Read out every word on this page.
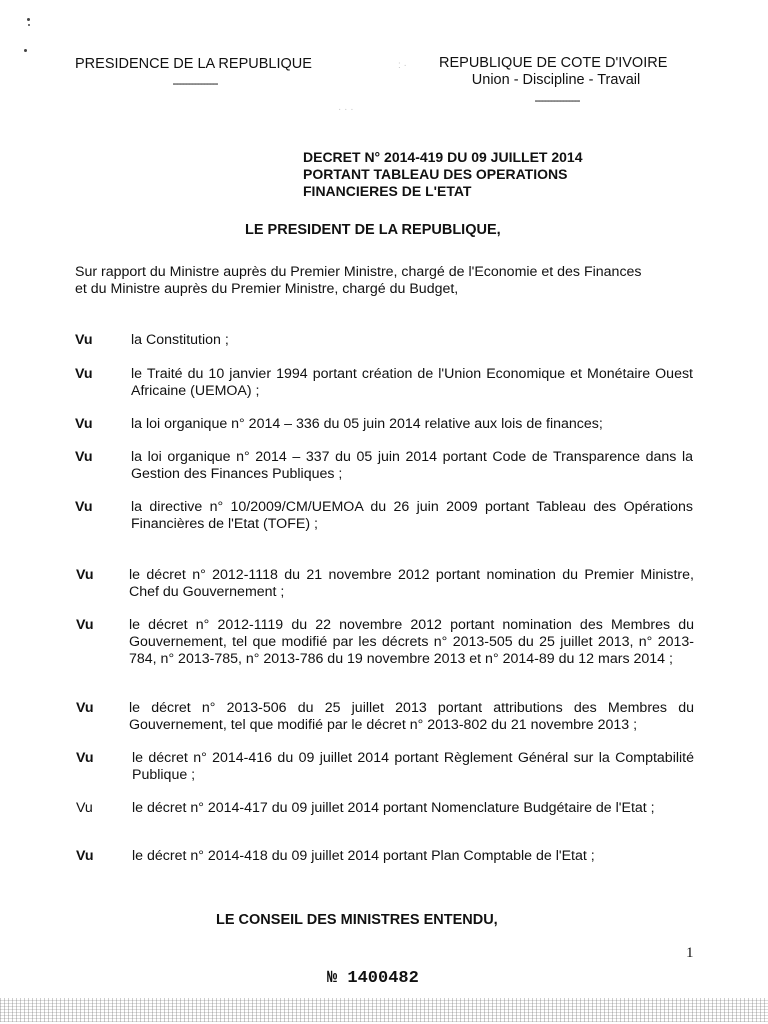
PRESIDENCE DE LA REPUBLIQUE
---------------
: ·
· · ·
REPUBLIQUE DE COTE D'IVOIRE
Union - Discipline - Travail
---------------
DECRET N° 2014-419 DU 09 JUILLET 2014
PORTANT TABLEAU DES OPERATIONS
FINANCIERES DE L'ETAT
LE PRESIDENT DE LA REPUBLIQUE,
Sur rapport du Ministre auprès du Premier Ministre, chargé de l'Economie et des Finances
et du Ministre auprès du Premier Ministre, chargé du Budget,
Vu	la Constitution ;
Vu	le Traité du 10 janvier 1994 portant création de l'Union Economique et Monétaire Ouest Africaine (UEMOA) ;
Vu	la loi organique n° 2014 – 336 du 05 juin 2014 relative aux lois de finances;
Vu	la loi organique n° 2014 – 337 du 05 juin 2014 portant Code de Transparence dans la Gestion des Finances Publiques ;
Vu	la directive n° 10/2009/CM/UEMOA du 26 juin 2009 portant Tableau des Opérations Financières de l'Etat (TOFE) ;
Vu le décret n° 2012-1118 du 21 novembre 2012 portant nomination du Premier Ministre, Chef du Gouvernement ;
Vu le décret n° 2012-1119 du 22 novembre 2012 portant nomination des Membres du Gouvernement, tel que modifié par les décrets n° 2013-505 du 25 juillet 2013, n° 2013-784, n° 2013-785, n° 2013-786 du 19 novembre 2013 et n° 2014-89 du 12 mars 2014 ;
Vu le décret n° 2013-506 du 25 juillet 2013 portant attributions des Membres du Gouvernement, tel que modifié par le décret n° 2013-802 du 21 novembre 2013 ;
Vu	le décret n° 2014-416 du 09 juillet 2014 portant Règlement Général sur la Comptabilité Publique ;
Vu	le décret n° 2014-417 du 09 juillet 2014 portant Nomenclature Budgétaire de l'Etat ;
Vu	le décret n° 2014-418 du 09 juillet 2014 portant Plan Comptable de l'Etat ;
LE CONSEIL DES MINISTRES ENTENDU,
1
№ 1400482
